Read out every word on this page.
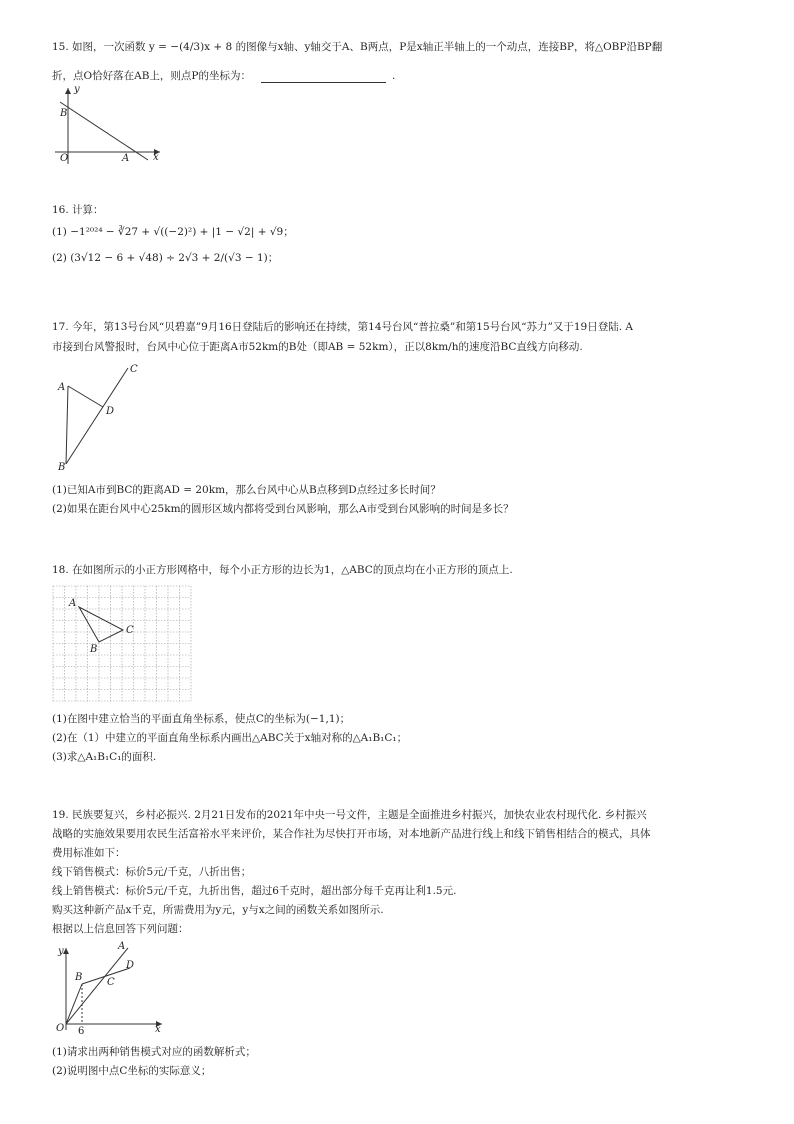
15. 如图，一次函数 y = −(4/3)x + 8 的图像与x轴、y轴交于A、B两点，P是x轴正半轴上的一个动点，连接BP，将△OBP沿BP翻
折，点O恰好落在AB上，则点P的坐标为：	.
y
x
B
O	A
16. 计算：
(1) −1²⁰²⁴ − ∛27 + √((−2)²) + |1 − √2| + √9；
(2) (3√12 − 6 + √48) ÷ 2√3 + 2/(√3 − 1)；
17. 今年，第13号台风“贝碧嘉”9月16日登陆后的影响还在持续，第14号台风“普拉桑”和第15号台风“苏力”又于19日登陆. A
市接到台风警报时，台风中心位于距离A市52km的B处（即AB = 52km），正以8km/h的速度沿BC直线方向移动.
A
B
C
D
(1)已知A市到BC的距离AD = 20km，那么台风中心从B点移到D点经过多长时间？
(2)如果在距台风中心25km的圆形区域内都将受到台风影响，那么A市受到台风影响的时间是多长？
18. 在如图所示的小正方形网格中，每个小正方形的边长为1，△ABC的顶点均在小正方形的顶点上.
A
B
C
(1)在图中建立恰当的平面直角坐标系，使点C的坐标为(−1,1)；
(2)在（1）中建立的平面直角坐标系内画出△ABC关于x轴对称的△A₁B₁C₁；
(3)求△A₁B₁C₁的面积.
19. 民族要复兴，乡村必振兴. 2月21日发布的2021年中央一号文件，主题是全面推进乡村振兴，加快农业农村现代化. 乡村振兴
战略的实施效果要用农民生活富裕水平来评价，某合作社为尽快打开市场，对本地新产品进行线上和线下销售相结合的模式，具体
费用标准如下：
线下销售模式：标价5元/千克，八折出售；
线上销售模式：标价5元/千克，九折出售，超过6千克时，超出部分每千克再让利1.5元.
购买这种新产品x千克，所需费用为y元，y与x之间的函数关系如图所示.
根据以上信息回答下列问题：
y
x
A
D
B C
O 6
(1)请求出两种销售模式对应的函数解析式；
(2)说明图中点C坐标的实际意义；
